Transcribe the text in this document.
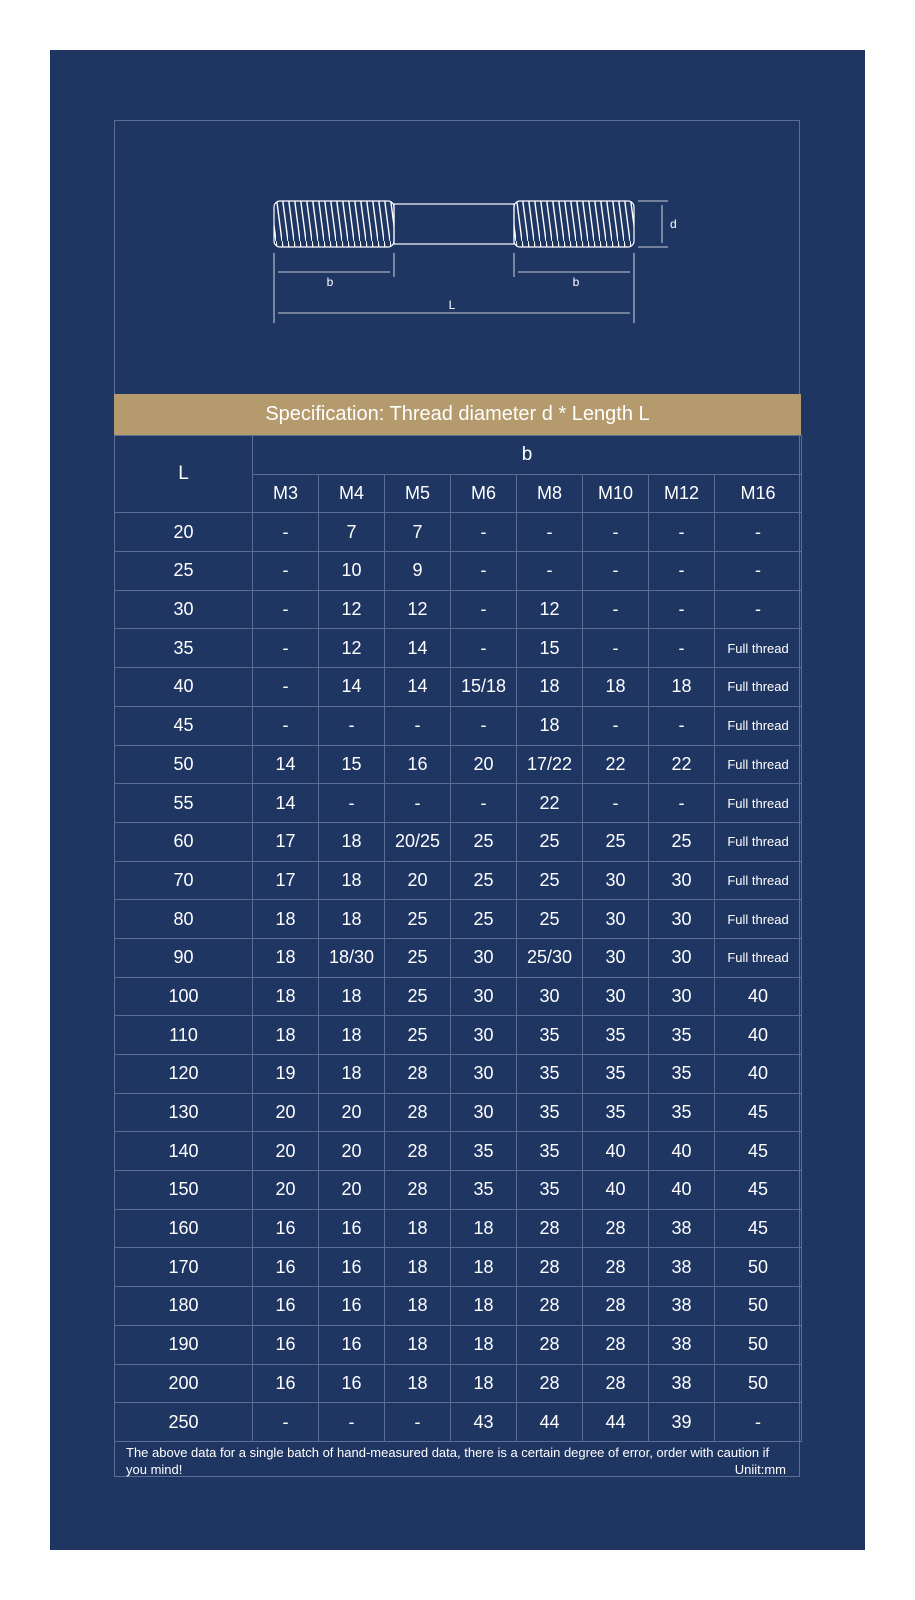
b	b
L
d
Specification: Thread diameter d * Length L
L	b							
	M3	M4	M5	M6	M8	M10	M12	M16
20	-	7	7	-	-	-	-	-
25	-	10	9	-	-	-	-	-
30	-	12	12	-	12	-	-	-
35	-	12	14	-	15	-	-	Full thread
40	-	14	14	15/18	18	18	18	Full thread
45	-	-	-	-	18	-	-	Full thread
50	14	15	16	20	17/22	22	22	Full thread
55	14	-	-	-	22	-	-	Full thread
60	17	18	20/25	25	25	25	25	Full thread
70	17	18	20	25	25	30	30	Full thread
80	18	18	25	25	25	30	30	Full thread
90	18	18/30	25	30	25/30	30	30	Full thread
100	18	18	25	30	30	30	30	40
110	18	18	25	30	35	35	35	40
120	19	18	28	30	35	35	35	40
130	20	20	28	30	35	35	35	45
140	20	20	28	35	35	40	40	45
150	20	20	28	35	35	40	40	45
160	16	16	18	18	28	28	38	45
170	16	16	18	18	28	28	38	50
180	16	16	18	18	28	28	38	50
190	16	16	18	18	28	28	38	50
200	16	16	18	18	28	28	38	50
250	-	-	-	43	44	44	39	-
The above data for a single batch of hand-measured data, there is a certain degree of error, order with caution if you mind!	Uniit:mm
